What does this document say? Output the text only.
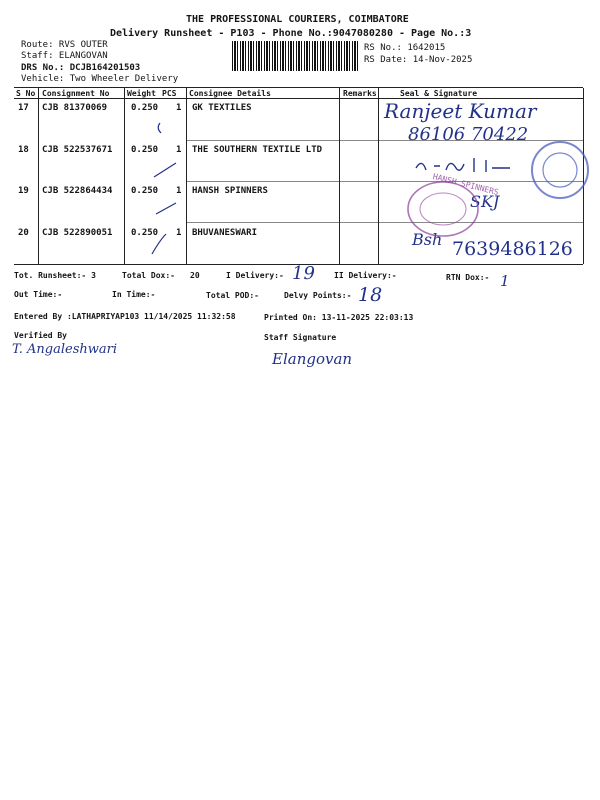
THE PROFESSIONAL COURIERS, COIMBATORE
Delivery Runsheet - P103 - Phone No.:9047080280 - Page No.:3
Route: RVS OUTER
Staff: ELANGOVAN
DRS No.: DCJB164201503
Vehicle: Two Wheeler Delivery
RS No.: 1642015
RS Date: 14-Nov-2025
S No Consignment No Weight PCS Consignee Details	Remarks	Seal & Signature
17 CJB 81370069	0.250 1 GK TEXTILES
18 CJB 522537671 0.250 1 THE SOUTHERN TEXTILE LTD
19 CJB 522864434 0.250 1 HANSH SPINNERS
20 CJB 522890051 0.250 1 BHUVANESWARI
Ranjeet Kumar
86106 70422
SKJ
Bsh 7639486126
HANSH SPINNERS
Tot. Runsheet:- 3	Total Dox:- 20	I Delivery:- 19 II Delivery:-	RTN Dox:- 1
Out Time:-	In Time:-	Total POD:-	Delvy Points:- 18
Entered By :LATHAPRIYAP103 11/14/2025 11:32:58	Printed On: 13-11-2025 22:03:13
Verified By	Staff Signature
T. Angaleshwari
Elangovan
